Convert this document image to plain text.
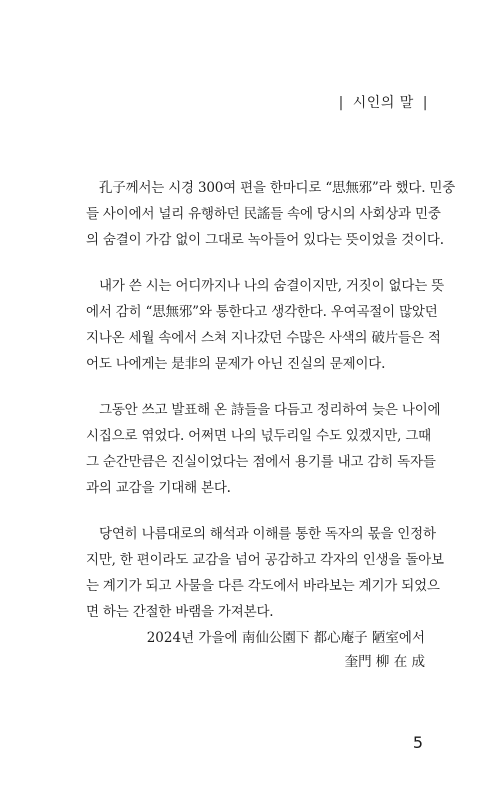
| 시인의 말 |

孔子께서는 시경 300여 편을 한마디로 “思無邪”라 했다. 민중
들 사이에서 널리 유행하던 民謠들 속에 당시의 사회상과 민중
의 숨결이 가감 없이 그대로 녹아들어 있다는 뜻이었을 것이다.

내가 쓴 시는 어디까지나 나의 숨결이지만, 거짓이 없다는 뜻
에서 감히 “思無邪”와 통한다고 생각한다. 우여곡절이 많았던
지나온 세월 속에서 스쳐 지나갔던 수많은 사색의 破片들은 적
어도 나에게는 是非의 문제가 아닌 진실의 문제이다.

그동안 쓰고 발표해 온 詩들을 다듬고 정리하여 늦은 나이에
시집으로 엮었다. 어쩌면 나의 넋두리일 수도 있겠지만, 그때
그 순간만큼은 진실이었다는 점에서 용기를 내고 감히 독자들
과의 교감을 기대해 본다.

당연히 나름대로의 해석과 이해를 통한 독자의 몫을 인정하
지만, 한 편이라도 교감을 넘어 공감하고 각자의 인생을 돌아보
는 계기가 되고 사물을 다른 각도에서 바라보는 계기가 되었으
면 하는 간절한 바램을 가져본다.

2024년 가을에 南仙公園下 都心庵子 陋室에서
奎門 柳 在 成
5
